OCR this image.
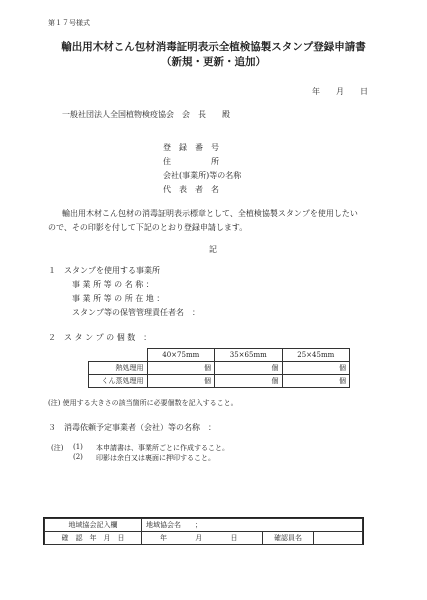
第１７号様式
輸出用木材こん包材消毒証明表示全植検協製スタンプ登録申請書
（新規・更新・追加）
年　　月　　日
一般社団法人全国植物検疫協会　会　長　　殿
登　録　番　号
住　　　　　所
会社(事業所)等の名称
代　表　者　名
輸出用木材こん包材の消毒証明表示標章として、全植検協製スタンプを使用したい
ので、その印影を付して下記のとおり登録申請します。
記
１　スタンプを使用する事業所
事 業 所 等 の 名 称 ：
事 業 所 等 の 所 在 地 ：
スタンプ等の保管管理責任者名　：
２　ス タ ン プ の 個 数　：
	40×75mm	35×65mm	25×45mm
熱処理用	個	個	個
くん蒸処理用	個	個	個
(注) 使用する大きさの該当箇所に必要個数を記入すること。
３　消毒依頼予定事業者（会社）等の名称　：
(注) (1) 本申請書は、事業所ごとに作成すること。
(2) 印影は余白又は裏面に押印すること。
地域協会記入欄	地域協会名　　；		
確　認　年　月　日	年 月 日	確認員名	
